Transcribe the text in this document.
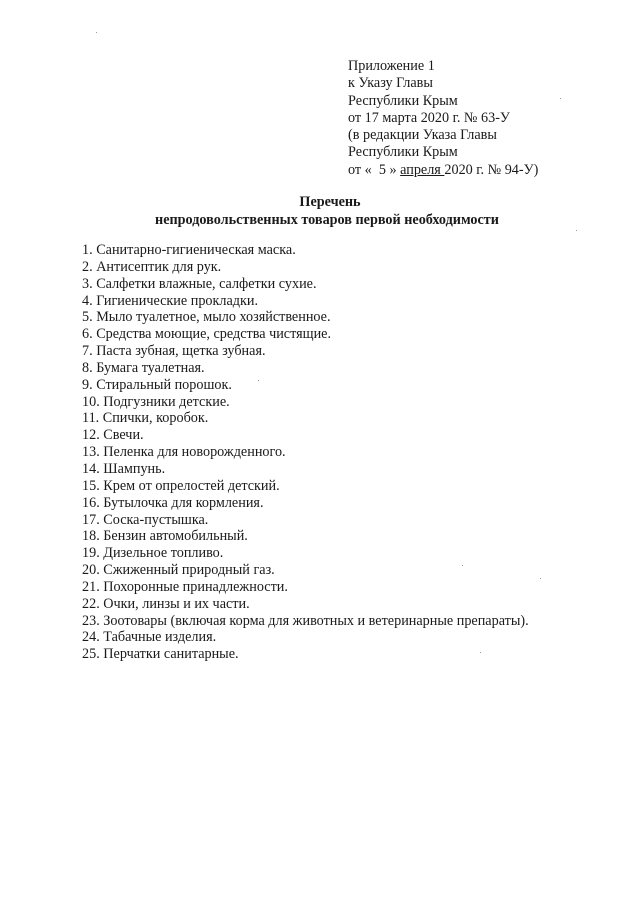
Приложение 1
к Указу Главы
Республики Крым
от 17 марта 2020 г. № 63-У
(в редакции Указа Главы
Республики Крым
от «  5 » апреля 2020 г. № 94-У)
Перечень
непродовольственных товаров первой необходимости
1. Санитарно-гигиеническая маска.
2. Антисептик для рук.
3. Салфетки влажные, салфетки сухие.
4. Гигиенические прокладки.
5. Мыло туалетное, мыло хозяйственное.
6. Средства моющие, средства чистящие.
7. Паста зубная, щетка зубная.
8. Бумага туалетная.
9. Стиральный порошок.
10. Подгузники детские.
11. Спички, коробок.
12. Свечи.
13. Пеленка для новорожденного.
14. Шампунь.
15. Крем от опрелостей детский.
16. Бутылочка для кормления.
17. Соска-пустышка.
18. Бензин автомобильный.
19. Дизельное топливо.
20. Сжиженный природный газ.
21. Похоронные принадлежности.
22. Очки, линзы и их части.
23. Зоотовары (включая корма для животных и ветеринарные препараты).
24. Табачные изделия.
25. Перчатки санитарные.
